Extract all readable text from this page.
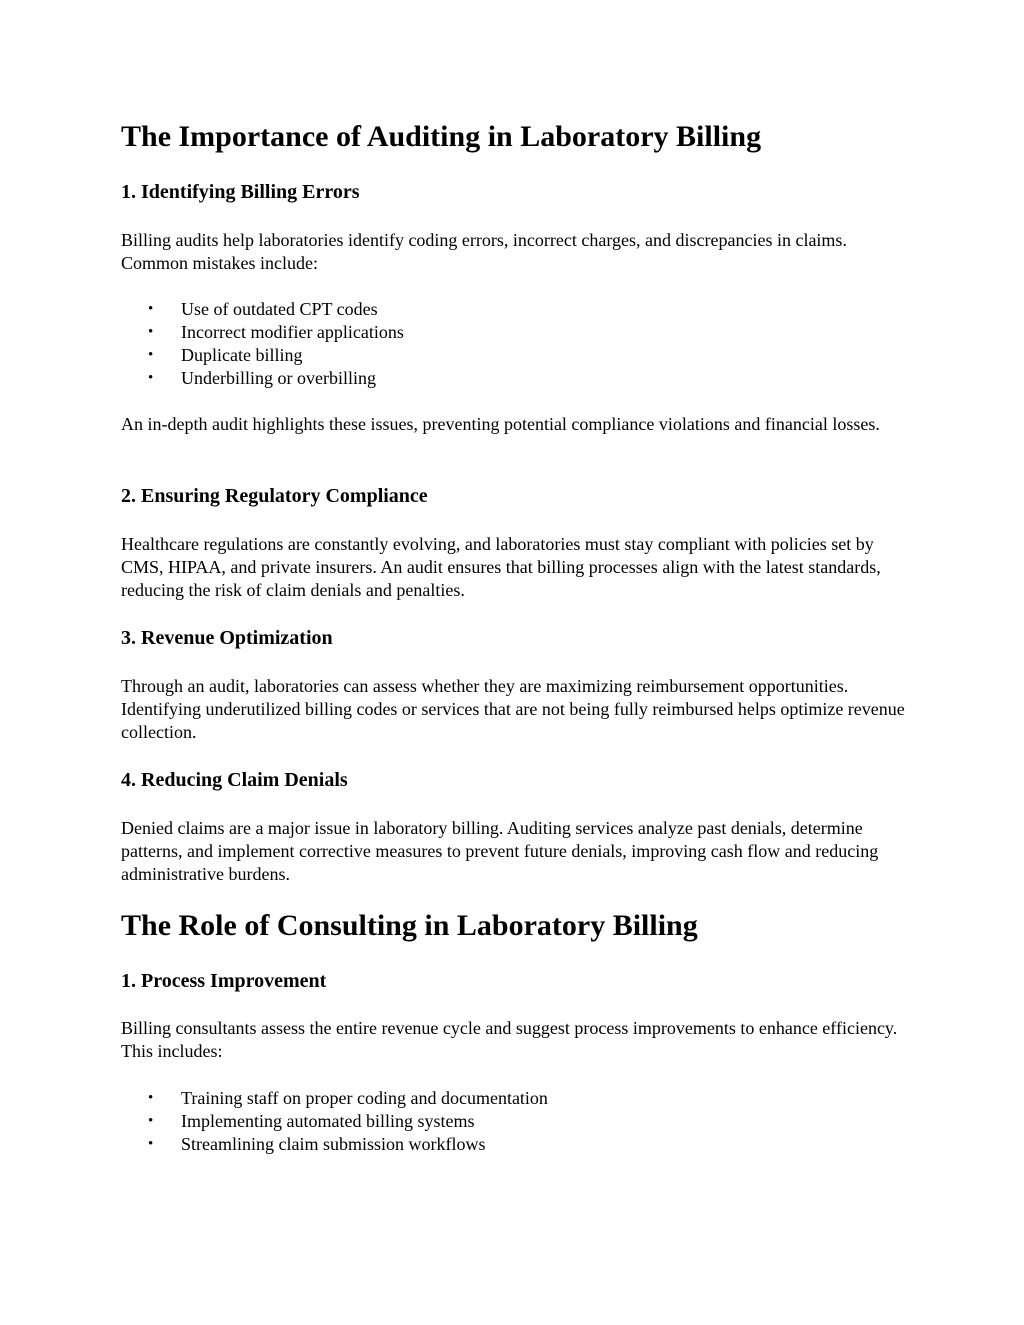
The Importance of Auditing in Laboratory Billing
1. Identifying Billing Errors

Billing audits help laboratories identify coding errors, incorrect charges, and discrepancies in claims. Common mistakes include:

• Use of outdated CPT codes
• Incorrect modifier applications
• Duplicate billing
• Underbilling or overbilling

An in-depth audit highlights these issues, preventing potential compliance violations and financial losses.

2. Ensuring Regulatory Compliance

Healthcare regulations are constantly evolving, and laboratories must stay compliant with policies set by CMS, HIPAA, and private insurers. An audit ensures that billing processes align with the latest standards, reducing the risk of claim denials and penalties.

3. Revenue Optimization

Through an audit, laboratories can assess whether they are maximizing reimbursement opportunities. Identifying underutilized billing codes or services that are not being fully reimbursed helps optimize revenue collection.

4. Reducing Claim Denials

Denied claims are a major issue in laboratory billing. Auditing services analyze past denials, determine patterns, and implement corrective measures to prevent future denials, improving cash flow and reducing administrative burdens.

The Role of Consulting in Laboratory Billing
1. Process Improvement

Billing consultants assess the entire revenue cycle and suggest process improvements to enhance efficiency. This includes:

• Training staff on proper coding and documentation
• Implementing automated billing systems
• Streamlining claim submission workflows
